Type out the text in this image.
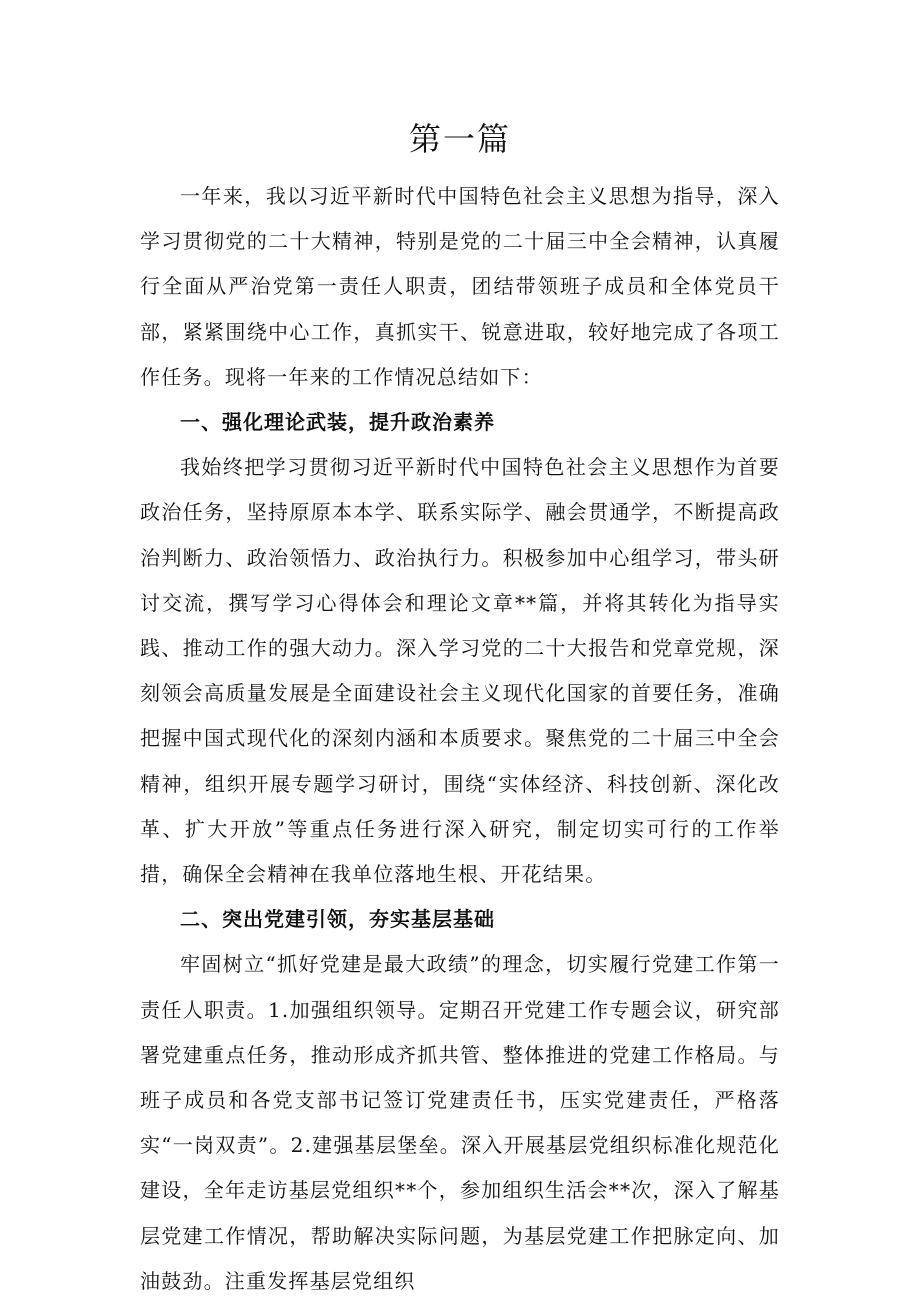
第一篇

一年来，我以习近平新时代中国特色社会主义思想为指导，深入学习贯彻党的二十大精神，特别是党的二十届三中全会精神，认真履行全面从严治党第一责任人职责，团结带领班子成员和全体党员干部，紧紧围绕中心工作，真抓实干、锐意进取，较好地完成了各项工作任务。现将一年来的工作情况总结如下：

一、强化理论武装，提升政治素养

我始终把学习贯彻习近平新时代中国特色社会主义思想作为首要政治任务，坚持原原本本学、联系实际学、融会贯通学，不断提高政治判断力、政治领悟力、政治执行力。积极参加中心组学习，带头研讨交流，撰写学习心得体会和理论文章**篇，并将其转化为指导实践、推动工作的强大动力。深入学习党的二十大报告和党章党规，深刻领会高质量发展是全面建设社会主义现代化国家的首要任务，准确把握中国式现代化的深刻内涵和本质要求。聚焦党的二十届三中全会精神，组织开展专题学习研讨，围绕“实体经济、科技创新、深化改革、扩大开放”等重点任务进行深入研究，制定切实可行的工作举措，确保全会精神在我单位落地生根、开花结果。

二、突出党建引领，夯实基层基础

牢固树立“抓好党建是最大政绩”的理念，切实履行党建工作第一责任人职责。1.加强组织领导。定期召开党建工作专题会议，研究部署党建重点任务，推动形成齐抓共管、整体推进的党建工作格局。与班子成员和各党支部书记签订党建责任书，压实党建责任，严格落实“一岗双责”。2.建强基层堡垒。深入开展基层党组织标准化规范化建设，全年走访基层党组织**个，参加组织生活会**次，深入了解基层党建工作情况，帮助解决实际问题，为基层党建工作把脉定向、加油鼓劲。注重发挥基层党组织
